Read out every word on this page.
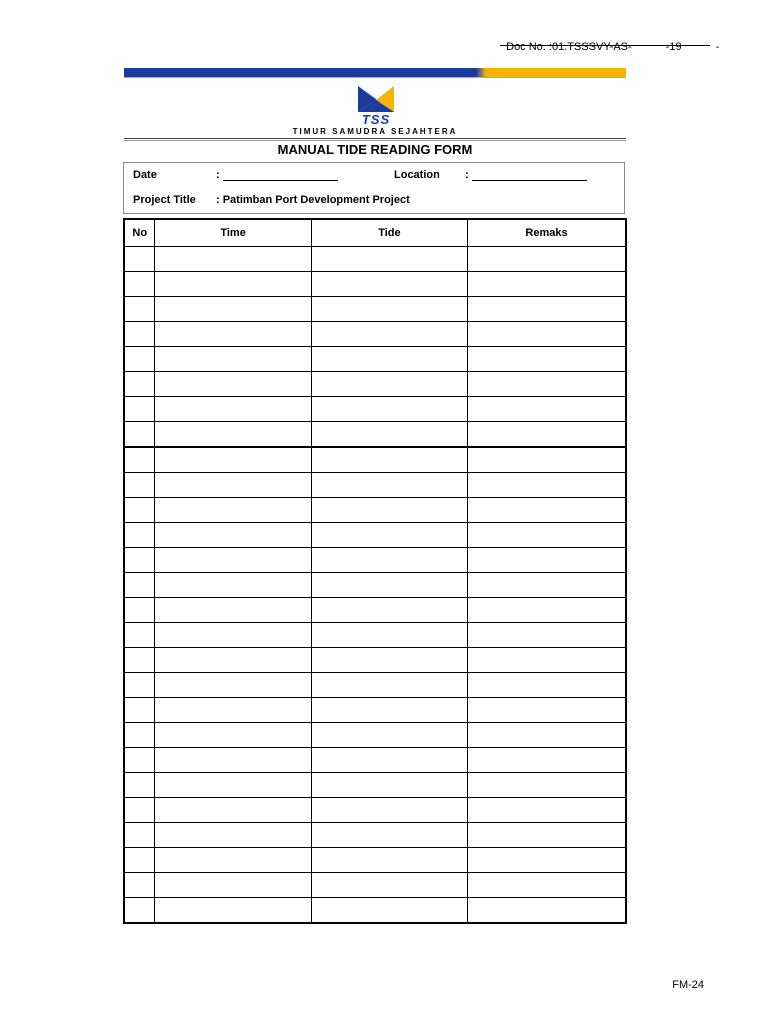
Doc No. :01.TSSSVY-AS-	-19	-

TSS
TIMUR SAMUDRA SEJAHTERA
MANUAL TIDE READING FORM
Date	:	Location :
Project Title : Patimban Port Development Project
No	Time	Tide	Remaks

FM-24
